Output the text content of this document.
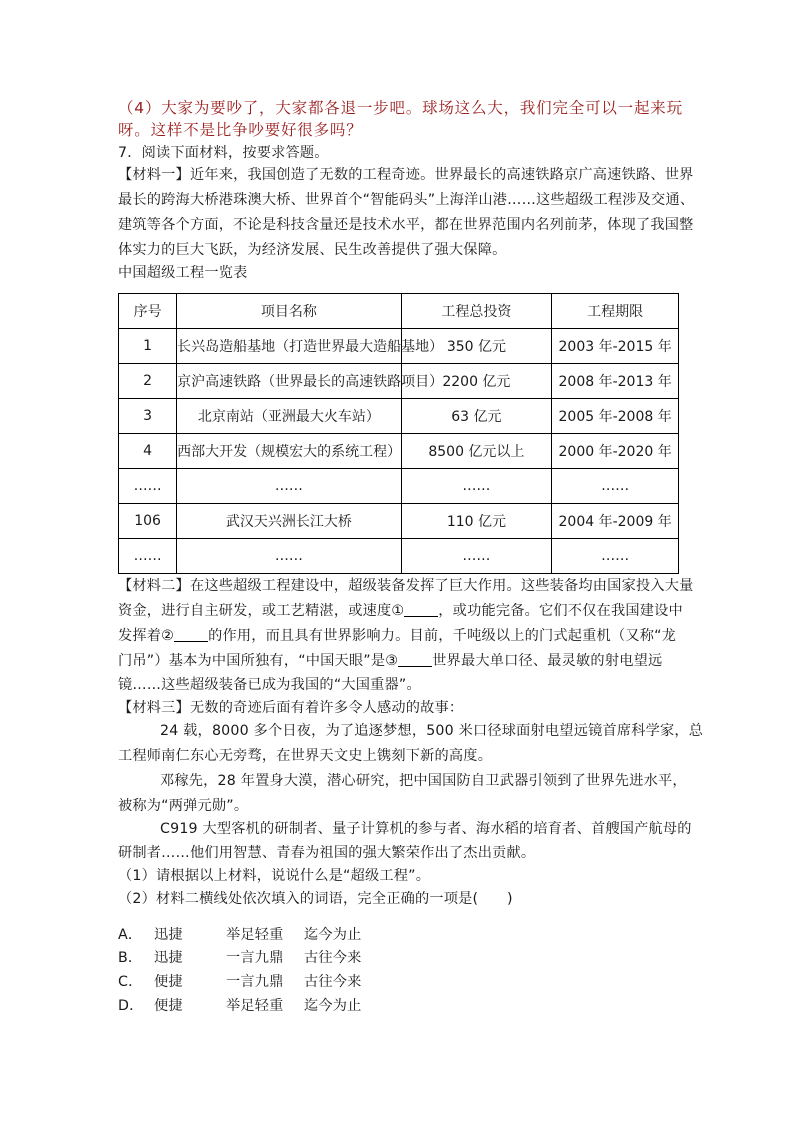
（4）大家为要吵了，大家都各退一步吧。球场这么大，我们完全可以一起来玩
呀。这样不是比争吵要好很多吗？
7．阅读下面材料，按要求答题。
【材料一】近年来，我国创造了无数的工程奇迹。世界最长的高速铁路京广高速铁路、世界
最长的跨海大桥港珠澳大桥、世界首个“智能码头”上海洋山港……这些超级工程涉及交通、
建筑等各个方面，不论是科技含量还是技术水平，都在世界范围内名列前茅，体现了我国整
体实力的巨大飞跃，为经济发展、民生改善提供了强大保障。
中国超级工程一览表
序号	项目名称	工程总投资	工程期限
1	长兴岛造船基地（打造世界最大造船基地）	350 亿元	2003 年-2015 年
2	京沪高速铁路（世界最长的高速铁路项目）	2200 亿元	2008 年-2013 年
3	北京南站（亚洲最大火车站）	63 亿元	2005 年-2008 年
4	西部大开发（规模宏大的系统工程）	8500 亿元以上	2000 年-2020 年
……	……	……	……
106	武汉天兴洲长江大桥	110 亿元	2004 年-2009 年
……	……	……	……
【材料二】在这些超级工程建设中，超级装备发挥了巨大作用。这些装备均由国家投入大量
资金，进行自主研发，或工艺精湛，或速度① ，或功能完备。它们不仅在我国建设中
发挥着② 的作用，而且具有世界影响力。目前，千吨级以上的门式起重机（又称“龙
门吊”）基本为中国所独有，“中国天眼”是③ 世界最大单口径、最灵敏的射电望远
镜……这些超级装备已成为我国的“大国重器”。
【材料三】无数的奇迹后面有着许多令人感动的故事：
24 载，8000 多个日夜，为了追逐梦想，500 米口径球面射电望远镜首席科学家，总
工程师南仁东心无旁骛，在世界天文史上镌刻下新的高度。
邓稼先，28 年置身大漠，潜心研究，把中国国防自卫武器引领到了世界先进水平，
被称为“两弹元勋”。
C919 大型客机的研制者、量子计算机的参与者、海水稻的培育者、首艘国产航母的
研制者……他们用智慧、青春为祖国的强大繁荣作出了杰出贡献。
（1）请根据以上材料，说说什么是“超级工程”。
（2）材料二横线处依次填入的词语，完全正确的一项是(　　)
A． 迅捷	举足轻重 迄今为止
B． 迅捷	一言九鼎 古往今来
C． 便捷	一言九鼎 古往今来
D． 便捷	举足轻重 迄今为止
